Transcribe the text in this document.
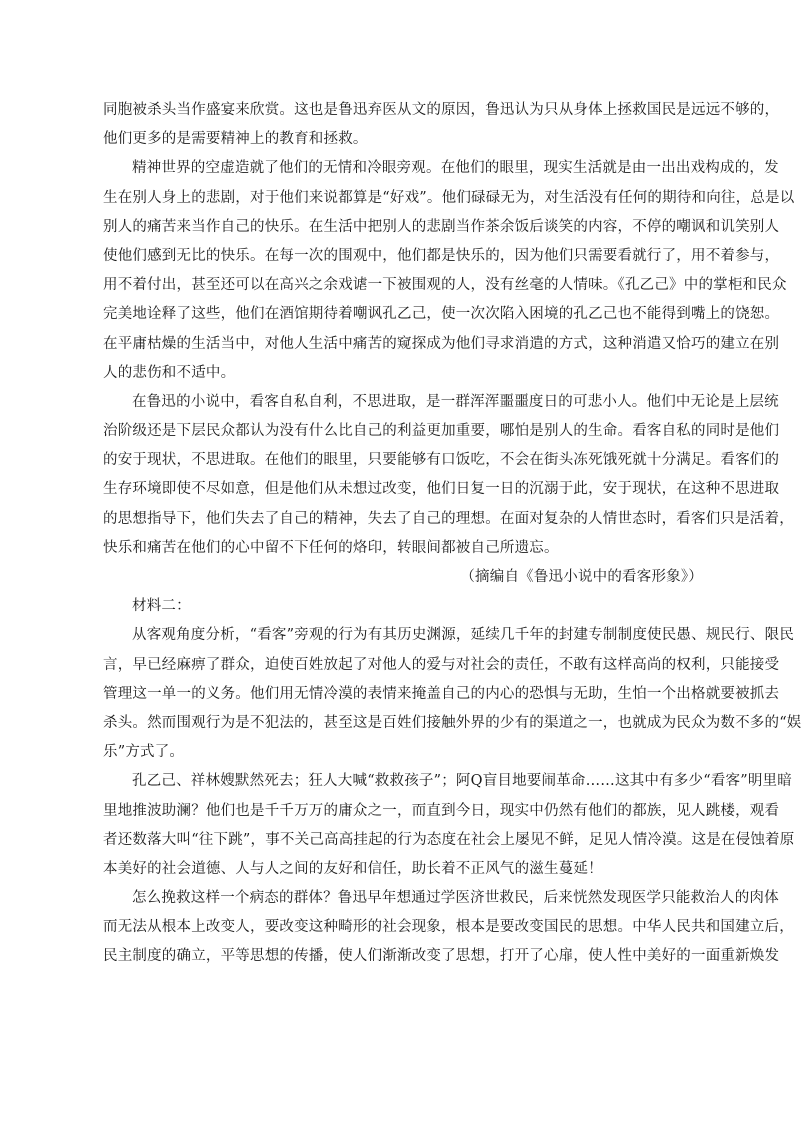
同胞被杀头当作盛宴来欣赏。这也是鲁迅弃医从文的原因，鲁迅认为只从身体上拯救国民是远远不够的，
他们更多的是需要精神上的教育和拯救。
精神世界的空虚造就了他们的无情和冷眼旁观。在他们的眼里，现实生活就是由一出出戏构成的，发
生在别人身上的悲剧，对于他们来说都算是“好戏”。他们碌碌无为，对生活没有任何的期待和向往，总是以
别人的痛苦来当作自己的快乐。在生活中把别人的悲剧当作茶余饭后谈笑的内容，不停的嘲讽和讥笑别人
使他们感到无比的快乐。在每一次的围观中，他们都是快乐的，因为他们只需要看就行了，用不着参与，
用不着付出，甚至还可以在高兴之余戏谑一下被围观的人，没有丝毫的人情味。《孔乙己》中的掌柜和民众
完美地诠释了这些，他们在酒馆期待着嘲讽孔乙己，使一次次陷入困境的孔乙己也不能得到嘴上的饶恕。
在平庸枯燥的生活当中，对他人生活中痛苦的窥探成为他们寻求消遣的方式，这种消遣又恰巧的建立在别
人的悲伤和不适中。
在鲁迅的小说中，看客自私自利，不思进取，是一群浑浑噩噩度日的可悲小人。他们中无论是上层统
治阶级还是下层民众都认为没有什么比自己的利益更加重要，哪怕是别人的生命。看客自私的同时是他们
的安于现状，不思进取。在他们的眼里，只要能够有口饭吃，不会在街头冻死饿死就十分满足。看客们的
生存环境即使不尽如意，但是他们从未想过改变，他们日复一日的沉溺于此，安于现状，在这种不思进取
的思想指导下，他们失去了自己的精神，失去了自己的理想。在面对复杂的人情世态时，看客们只是活着，
快乐和痛苦在他们的心中留不下任何的烙印，转眼间都被自己所遗忘。
（摘编自《鲁迅小说中的看客形象》）
材料二：
从客观角度分析，“看客”旁观的行为有其历史渊源，延续几千年的封建专制制度使民愚、规民行、限民
言，早已经麻痹了群众，迫使百姓放起了对他人的爱与对社会的责任，不敢有这样高尚的权利，只能接受
管理这一单一的义务。他们用无情冷漠的表情来掩盖自己的内心的恐惧与无助，生怕一个出格就要被抓去
杀头。然而围观行为是不犯法的，甚至这是百姓们接触外界的少有的渠道之一，也就成为民众为数不多的“娱
乐”方式了。
孔乙己、祥林嫂默然死去；狂人大喊“救救孩子”；阿Q盲目地要闹革命……这其中有多少“看客”明里暗
里地推波助澜？他们也是千千万万的庸众之一，而直到今日，现实中仍然有他们的都族，见人跳楼，观看
者还数落大叫“往下跳”，事不关己高高挂起的行为态度在社会上屡见不鲜，足见人情冷漠。这是在侵蚀着原
本美好的社会道德、人与人之间的友好和信任，助长着不正风气的滋生蔓延！
怎么挽救这样一个病态的群体？鲁迅早年想通过学医济世救民，后来恍然发现医学只能救治人的肉体
而无法从根本上改变人，要改变这种畸形的社会现象，根本是要改变国民的思想。中华人民共和国建立后，
民主制度的确立，平等思想的传播，使人们渐渐改变了思想，打开了心扉，使人性中美好的一面重新焕发
